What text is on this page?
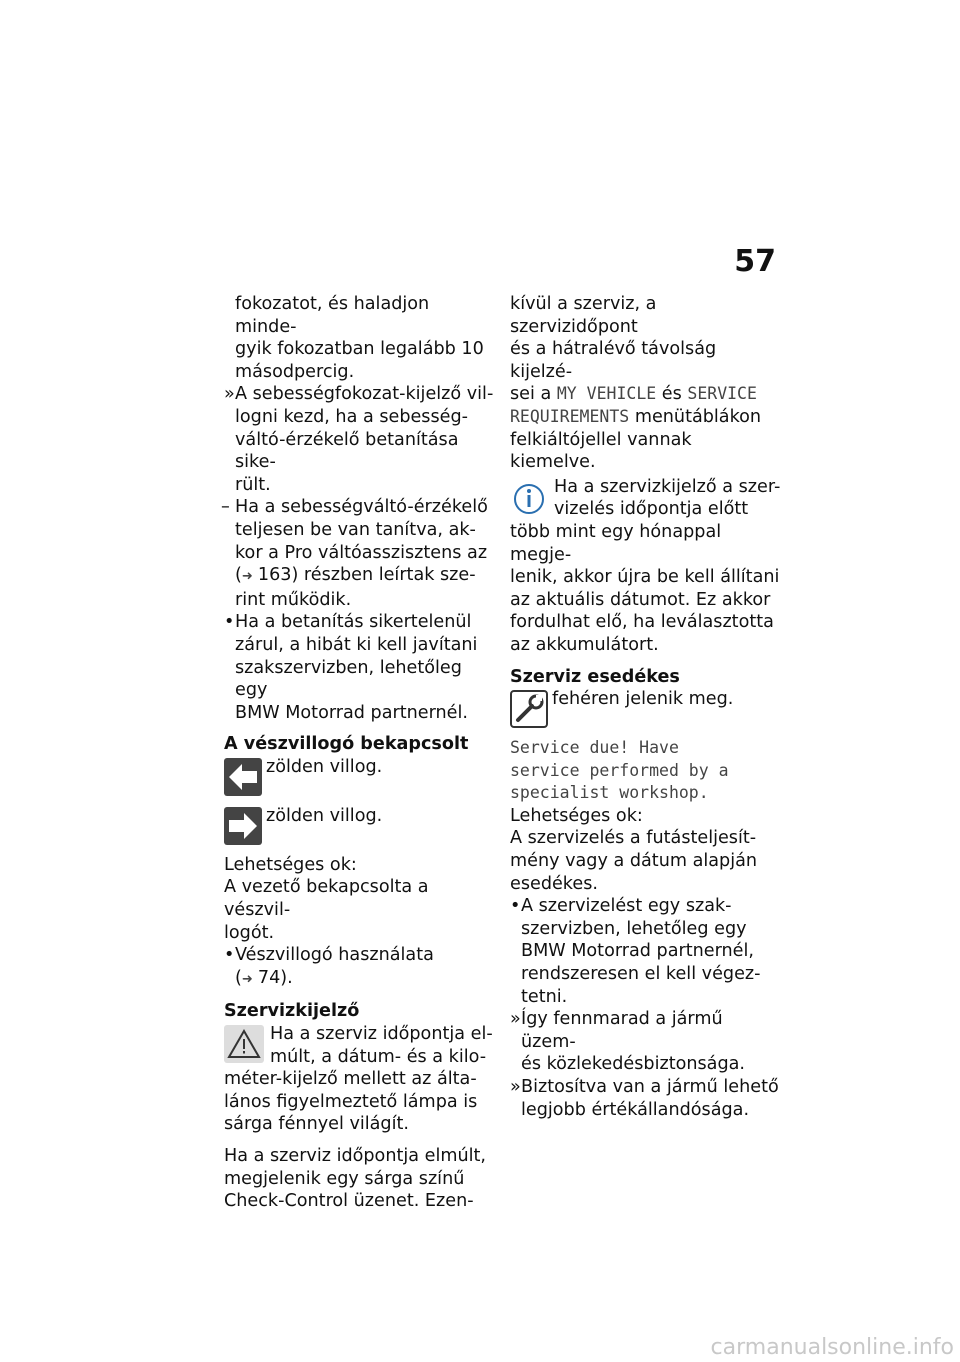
57

fokozatot, és haladjon minde-

gyik fokozatban legalább 10

másodpercig.

» A sebességfokozat-kijelző vil-

logni kezd, ha a sebesség-

váltó-érzékelő betanítása sike-

rült.

– Ha a sebességváltó-érzékelő

teljesen be van tanítva, ak-

kor a Pro váltóasszisztens az

(➜ 163) részben leírtak sze-

rint működik.

• Ha a betanítás sikertelenül

zárul, a hibát ki kell javítani

szakszervizben, lehetőleg egy

BMW Motorrad partnernél.

A vészvillogó bekapcsolt

zölden villog.

zölden villog.

Lehetséges ok:

A vezető bekapcsolta a vészvil-

logót.

• Vészvillogó használata

(➜ 74).

Szervizkijelző

Ha a szerviz időpontja el-

múlt, a dátum- és a kilo-

méter-kijelző mellett az álta-

lános figyelmeztető lámpa is

sárga fénnyel világít.

Ha a szerviz időpontja elmúlt,

megjelenik egy sárga színű

Check-Control üzenet. Ezen-

kívül a szerviz, a szervizidőpont

és a hátralévő távolság kijelzé-

sei a MY VEHICLE és SERVICE

REQUIREMENTS menütáblákon

felkiáltójellel vannak kiemelve.

Ha a szervizkijelző a szer-

vizelés időpontja előtt

több mint egy hónappal megje-

lenik, akkor újra be kell állítani

az aktuális dátumot. Ez akkor

fordulhat elő, ha leválasztotta

az akkumulátort.

Szerviz esedékes

fehéren jelenik meg.

Service due! Have

service performed by a

specialist workshop.

Lehetséges ok:

A szervizelés a futásteljesít-

mény vagy a dátum alapján

esedékes.

• A szervizelést egy szak-

szervizben, lehetőleg egy

BMW Motorrad partnernél,

rendszeresen el kell végez-

tetni.

» Így fennmarad a jármű üzem-

és közlekedésbiztonsága.

» Biztosítva van a jármű lehető

legjobb értékállandósága.

carmanualsonline.info
